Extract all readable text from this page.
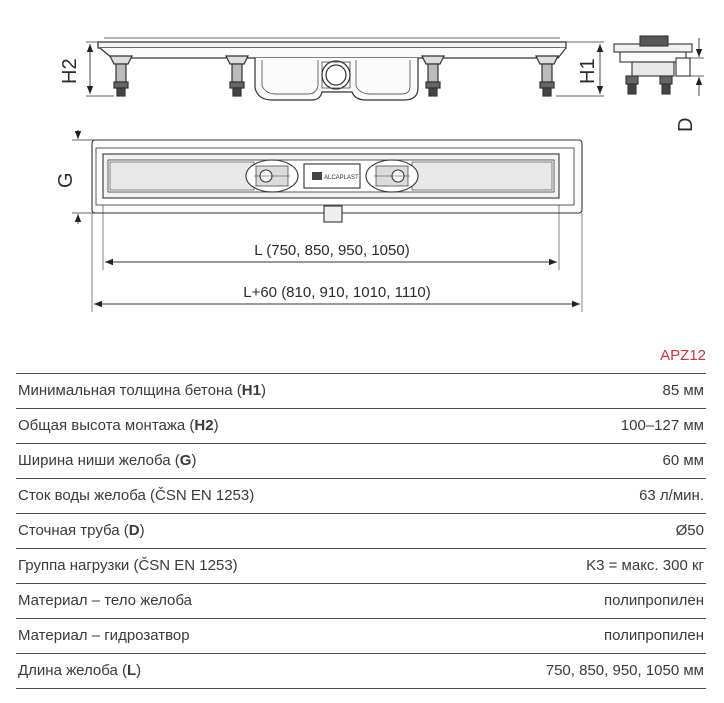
H2	H1
D
ALCAPLAST
G
L (750, 850, 950, 1050)
L+60 (810, 910, 1010, 1110)
APZ12
Минимальная толщина бетона (H1)	85 мм
Общая высота монтажа (H2)	100–127 мм
Ширина ниши желоба (G)	60 мм
Сток воды желоба (ČSN EN 1253)	63 л/мин.
Сточная труба (D)	Ø50
Группа нагрузки (ČSN EN 1253)	K3 = макс. 300 кг
Материал – тело желоба	полипропилен
Материал – гидрозатвор	полипропилен
Длина желоба (L)	750, 850, 950, 1050 мм
